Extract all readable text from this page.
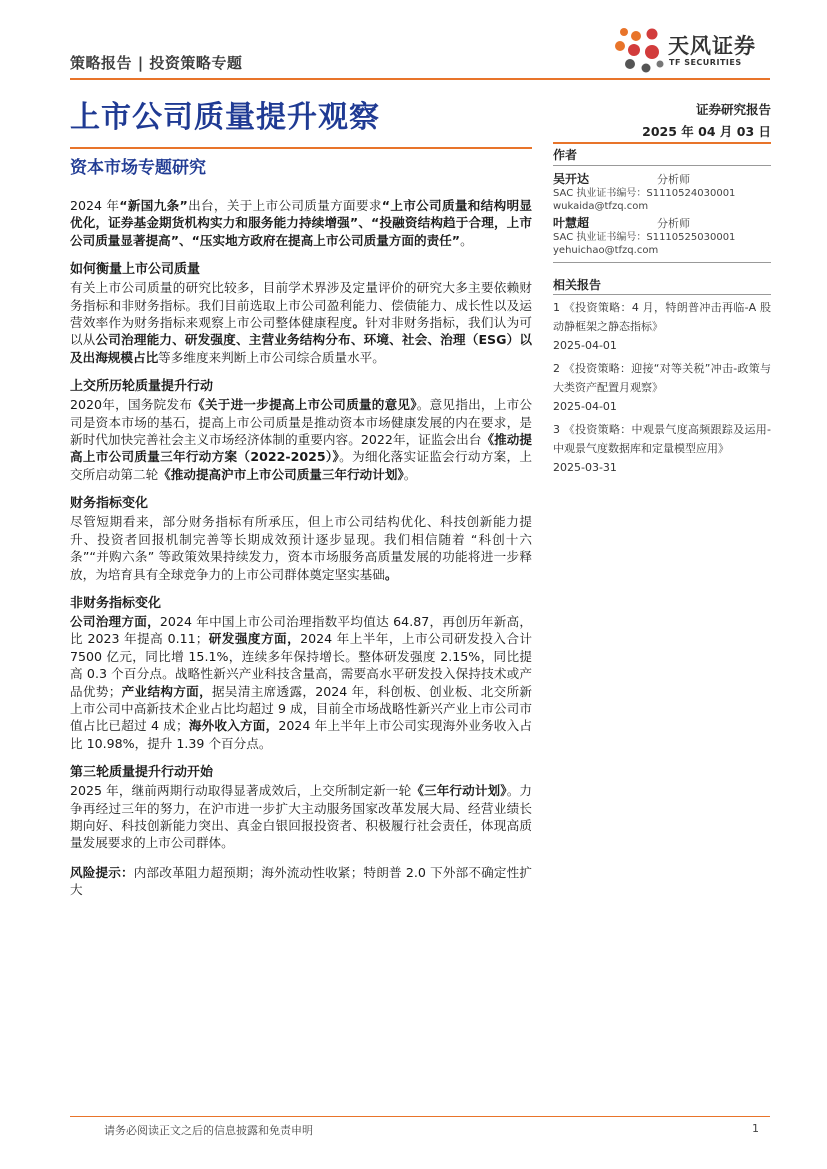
策略报告 | 投资策略专题
天风证券
TF SECURITIES
上市公司质量提升观察	证券研究报告
2025 年 04 月 03 日
资本市场专题研究

2024 年“新国九条”出台，关于上市公司质量方面要求“上市公司质量和结构明显优化，证券基金期货机构实力和服务能力持续增强”、“投融资结构趋于合理，上市公司质量显著提高”、“压实地方政府在提高上市公司质量方面的责任”。

如何衡量上市公司质量

有关上市公司质量的研究比较多，目前学术界涉及定量评价的研究大多主要依赖财务指标和非财务指标。我们目前选取上市公司盈利能力、偿债能力、成长性以及运营效率作为财务指标来观察上市公司整体健康程度。针对非财务指标，我们认为可以从公司治理能力、研发强度、主营业务结构分布、环境、社会、治理（ESG）以及出海规模占比等多维度来判断上市公司综合质量水平。

上交所历轮质量提升行动

2020年，国务院发布《关于进一步提高上市公司质量的意见》。意见指出，上市公司是资本市场的基石，提高上市公司质量是推动资本市场健康发展的内在要求，是新时代加快完善社会主义市场经济体制的重要内容。2022年，证监会出台《推动提高上市公司质量三年行动方案（2022-2025）》。为细化落实证监会行动方案，上交所启动第二轮《推动提高沪市上市公司质量三年行动计划》。

财务指标变化

尽管短期看来，部分财务指标有所承压，但上市公司结构优化、科技创新能力提升、投资者回报机制完善等长期成效预计逐步显现。我们相信随着 “科创十六条”“并购六条” 等政策效果持续发力，资本市场服务高质量发展的功能将进一步释放，为培育具有全球竞争力的上市公司群体奠定坚实基础。

非财务指标变化

公司治理方面，2024 年中国上市公司治理指数平均值达 64.87，再创历年新高，比 2023 年提高 0.11；研发强度方面，2024 年上半年，上市公司研发投入合计 7500 亿元，同比增 15.1%，连续多年保持增长。整体研发强度 2.15%，同比提高 0.3 个百分点。战略性新兴产业科技含量高，需要高水平研发投入保持技术或产品优势；产业结构方面，据吴清主席透露，2024 年，科创板、创业板、北交所新上市公司中高新技术企业占比均超过 9 成，目前全市场战略性新兴产业上市公司市值占比已超过 4 成；海外收入方面，2024 年上半年上市公司实现海外业务收入占比 10.98%，提升 1.39 个百分点。

第三轮质量提升行动开始

2025 年，继前两期行动取得显著成效后，上交所制定新一轮《三年行动计划》。力争再经过三年的努力，在沪市进一步扩大主动服务国家改革发展大局、经营业绩长期向好、科技创新能力突出、真金白银回报投资者、积极履行社会责任，体现高质量发展要求的上市公司群体。

风险提示：内部改革阻力超预期；海外流动性收紧；特朗普 2.0 下外部不确定性扩大

作者
吴开达	分析师
SAC 执业证书编号：S1110524030001
wukaida@tfzq.com
叶慧超	分析师
SAC 执业证书编号：S1110525030001
yehuichao@tfzq.com
相关报告
1 《投资策略：4 月，特朗普冲击再临-A 股动静框架之静态指标》
2025-04-01
2 《投资策略：迎接“对等关税”冲击-政策与大类资产配置月观察》
2025-04-01
3 《投资策略：中观景气度高频跟踪及运用-中观景气度数据库和定量模型应用》
2025-03-31
请务必阅读正文之后的信息披露和免责申明	1
